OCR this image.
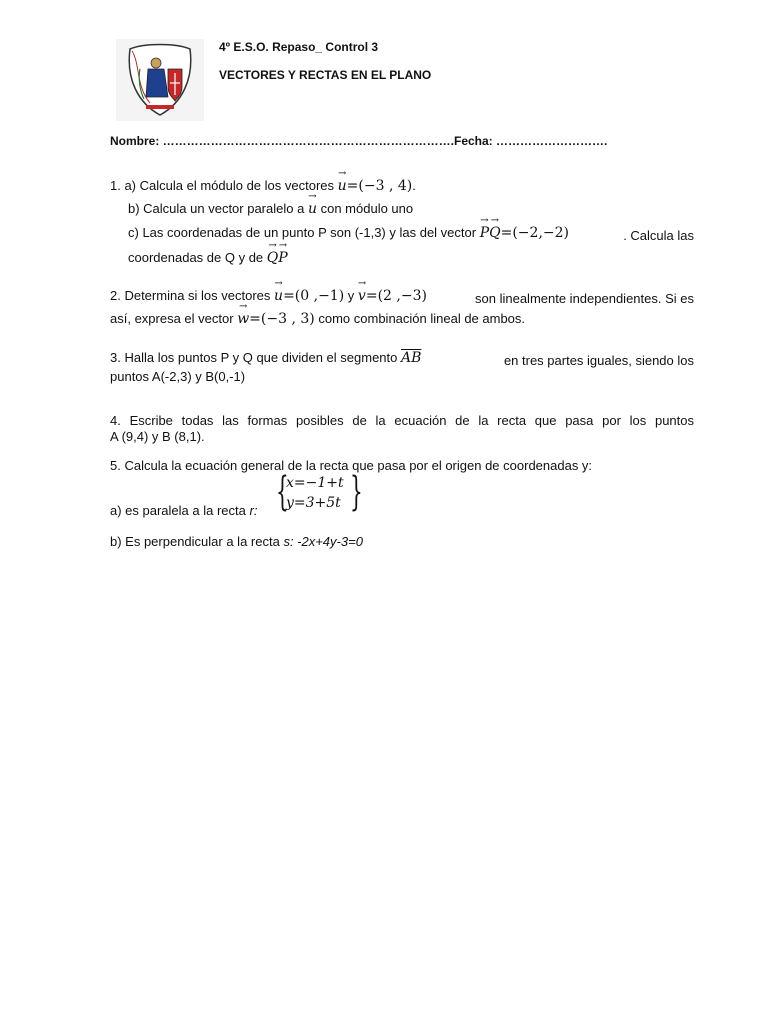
4º E.S.O. Repaso_ Control 3
VECTORES Y RECTAS EN EL PLANO
Nombre: ……………………………………………………………….Fecha: ……………………….
1. a) Calcula el módulo de los vectores → u=(−3 , 4).
b) Calcula un vector paralelo a → u con módulo uno
c) Las coordenadas de un punto P son (-1,3) y las del vector → P→ Q=(−2,−2)	. Calcula las
coordenadas de Q y de → Q→ P
2. Determina si los vectores → u=(0 ,−1) y → v=(2 ,−3)	son linealmente independientes. Si es
así, expresa el vector → w=(−3 , 3) como combinación lineal de ambos.
3. Halla los puntos P y Q que dividen el segmento $\overline{AB}$	en tres partes iguales, siendo los
puntos A(-2,3) y B(0,-1)
4. Escribe todas las formas posibles de la ecuación de la recta que pasa por los puntos
A (9,4) y B (8,1).
5. Calcula la ecuación general de la recta que pasa por el origen de coordenadas y:
a) es paralela a la recta r: {
x=−1+t
y=3+5t }
b) Es perpendicular a la recta s: -2x+4y-3=0
